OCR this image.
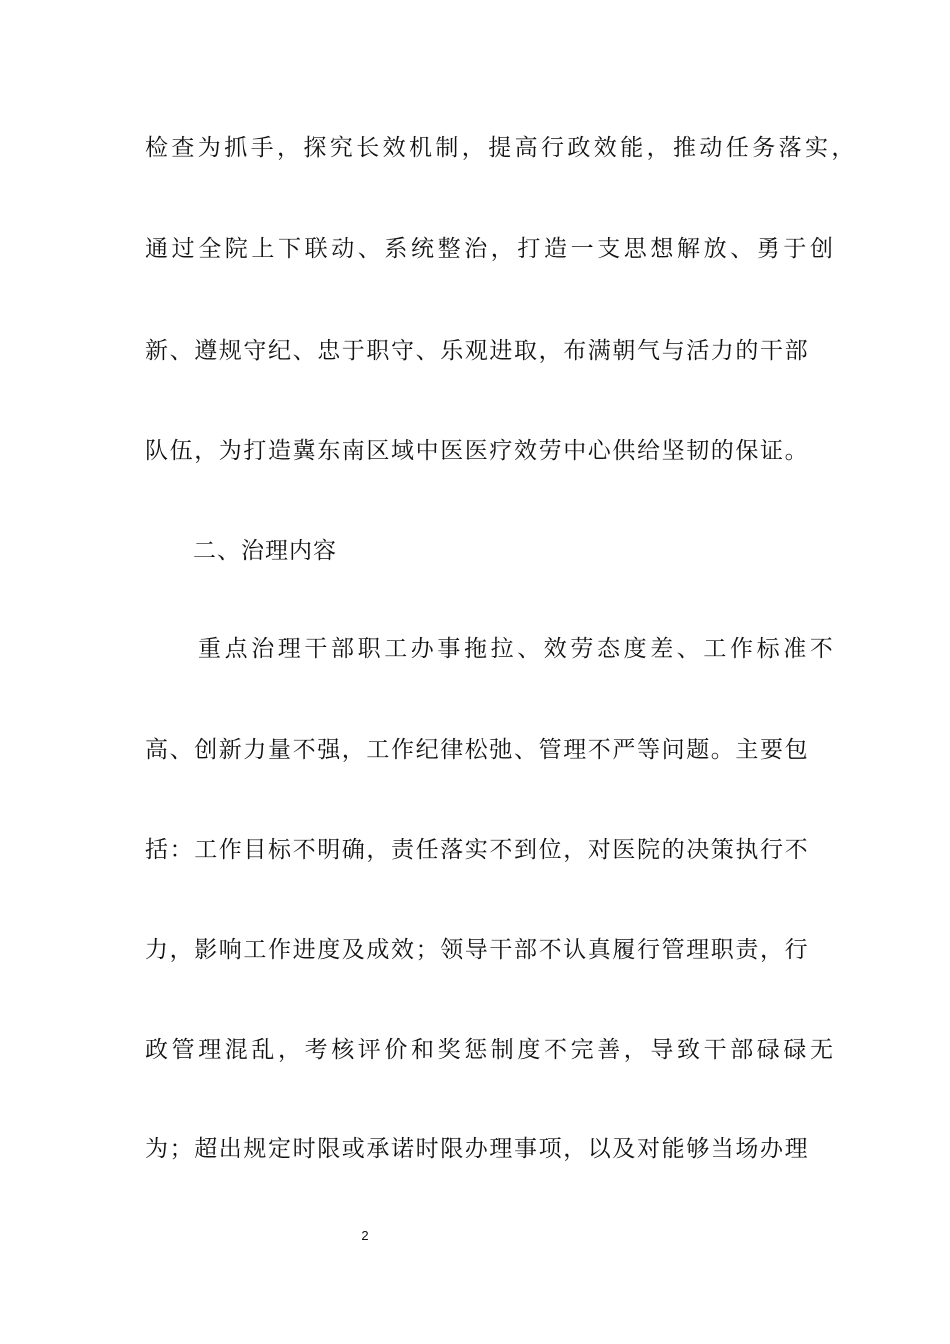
检查为抓手，探究长效机制，提高行政效能，推动任务落实，
通过全院上下联动、系统整治，打造一支思想解放、勇于创
新、遵规守纪、忠于职守、乐观进取，布满朝气与活力的干部
队伍，为打造冀东南区域中医医疗效劳中心供给坚韧的保证。
二、治理内容
重点治理干部职工办事拖拉、效劳态度差、工作标准不
高、创新力量不强，工作纪律松弛、管理不严等问题。主要包
括：工作目标不明确，责任落实不到位，对医院的决策执行不
力，影响工作进度及成效；领导干部不认真履行管理职责，行
政管理混乱，考核评价和奖惩制度不完善，导致干部碌碌无
为；超出规定时限或承诺时限办理事项，以及对能够当场办理
2
